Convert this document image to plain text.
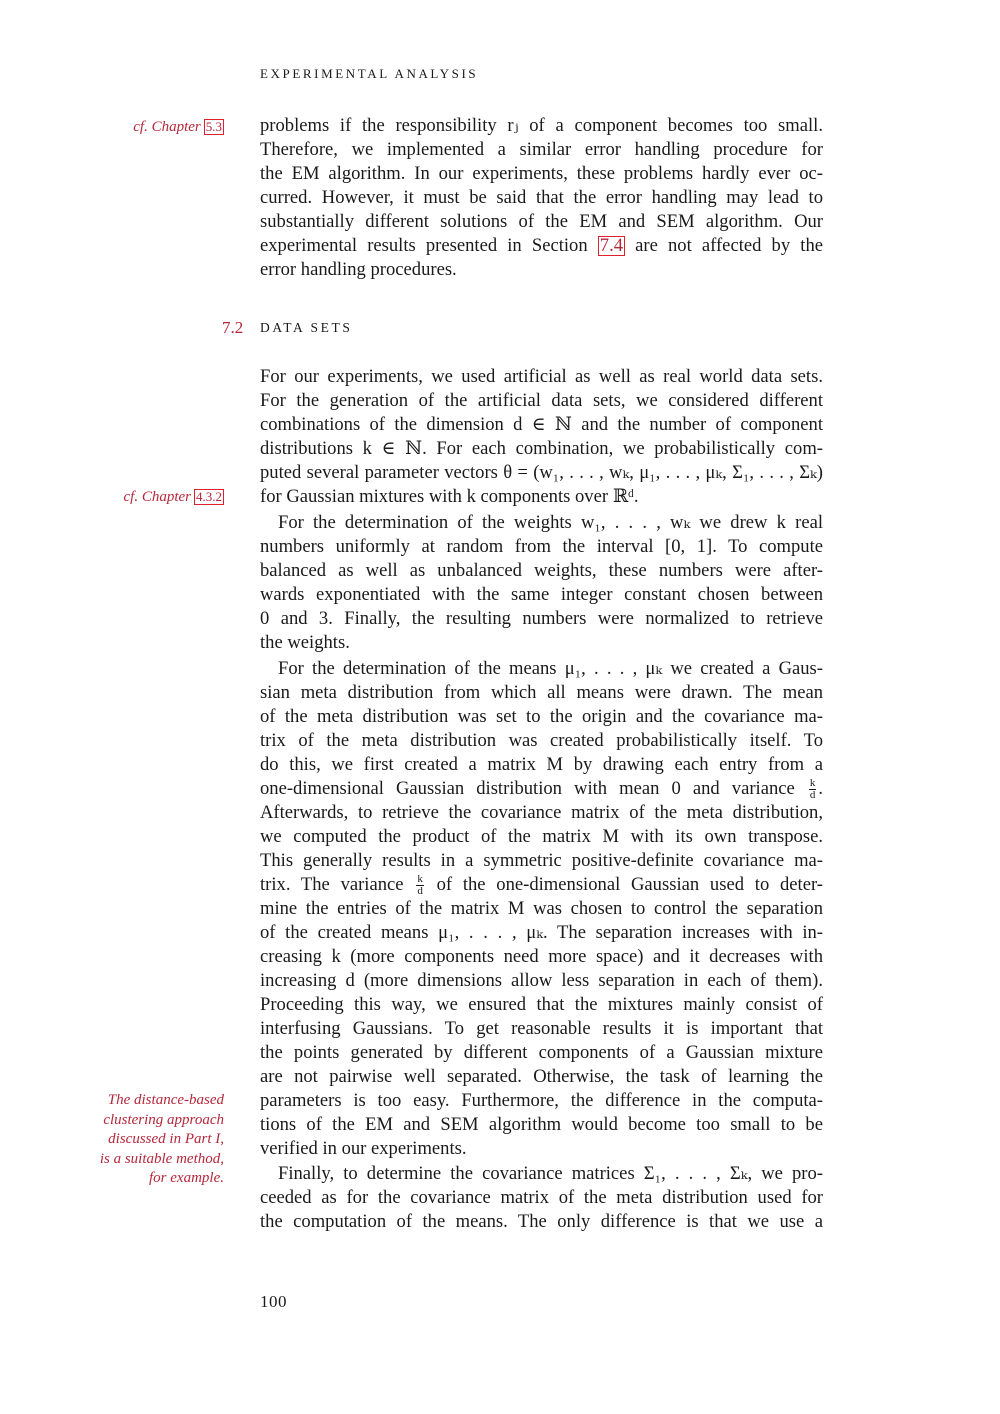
EXPERIMENTAL ANALYSIS
cf. Chapter 5.3 problems if the responsibility rⱼ of a component becomes too small.
Therefore, we implemented a similar error handling procedure for
the EM algorithm. In our experiments, these problems hardly ever oc-
curred. However, it must be said that the error handling may lead to
substantially different solutions of the EM and SEM algorithm. Our
experimental results presented in Section 7.4 are not affected by the
error handling procedures.
7.2 DATA SETS
For our experiments, we used artificial as well as real world data sets.
For the generation of the artificial data sets, we considered different
combinations of the dimension d ∈ ℕ and the number of component
distributions k ∈ ℕ. For each combination, we probabilistically com-
puted several parameter vectors θ = (w₁, . . . , wₖ, μ₁, . . . , μₖ, Σ₁, . . . , Σₖ)
for Gaussian mixtures with k components over ℝᵈ.
cf. Chapter 4.3.2
For the determination of the weights w₁, . . . , wₖ we drew k real
numbers uniformly at random from the interval [0, 1]. To compute
balanced as well as unbalanced weights, these numbers were after-
wards exponentiated with the same integer constant chosen between
0 and 3. Finally, the resulting numbers were normalized to retrieve
the weights.
For the determination of the means μ₁, . . . , μₖ we created a Gaus-
sian meta distribution from which all means were drawn. The mean
of the meta distribution was set to the origin and the covariance ma-
trix of the meta distribution was created probabilistically itself. To
do this, we first created a matrix M by drawing each entry from a
one-dimensional Gaussian distribution with mean 0 and variance $\frac{k}{d}$ .
Afterwards, to retrieve the covariance matrix of the meta distribution,
we computed the product of the matrix M with its own transpose.
This generally results in a symmetric positive-definite covariance ma-
trix. The variance $\frac{k}{d}$ of the one-dimensional Gaussian used to deter-
mine the entries of the matrix M was chosen to control the separation
of the created means μ₁, . . . , μₖ. The separation increases with in-
creasing k (more components need more space) and it decreases with
increasing d (more dimensions allow less separation in each of them).
Proceeding this way, we ensured that the mixtures mainly consist of
interfusing Gaussians. To get reasonable results it is important that
the points generated by different components of a Gaussian mixture
are not pairwise well separated. Otherwise, the task of learning the
parameters is too easy. Furthermore, the difference in the computa-
tions of the EM and SEM algorithm would become too small to be
verified in our experiments.
The distance-based
clustering approach
discussed in Part I,
is a suitable method,
for example.	Finally, to determine the covariance matrices Σ₁, . . . , Σₖ, we pro-
ceeded as for the covariance matrix of the meta distribution used for
the computation of the means. The only difference is that we use a
100
